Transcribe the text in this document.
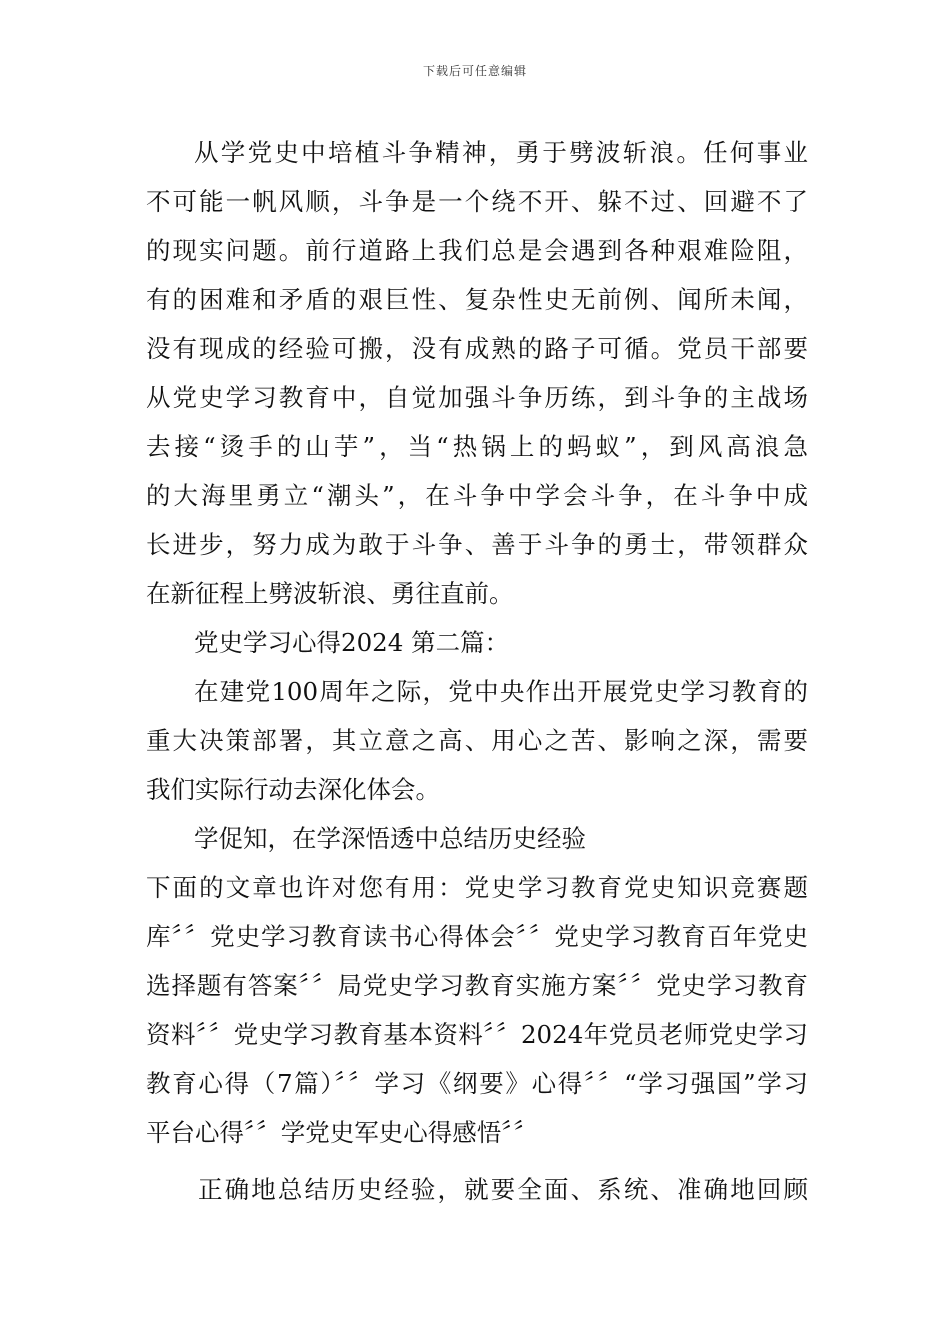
下载后可任意编辑
从学党史中培植斗争精神，勇于劈波斩浪。任何事业
不可能一帆风顺，斗争是一个绕不开、躲不过、回避不了
的现实问题。前行道路上我们总是会遇到各种艰难险阻，
有的困难和矛盾的艰巨性、复杂性史无前例、闻所未闻，
没有现成的经验可搬，没有成熟的路子可循。党员干部要
从党史学习教育中，自觉加强斗争历练，到斗争的主战场
去接“烫手的山芋”，当“热锅上的蚂蚁”，到风高浪急
的大海里勇立“潮头”，在斗争中学会斗争，在斗争中成
长进步，努力成为敢于斗争、善于斗争的勇士，带领群众
在新征程上劈波斩浪、勇往直前。
党史学习心得2024 第二篇：
在建党100周年之际，党中央作出开展党史学习教育的
重大决策部署，其立意之高、用心之苦、影响之深，需要
我们实际行动去深化体会。
学促知，在学深悟透中总结历史经验
下面的文章也许对您有用：党史学习教育党史知识竞赛题
库〞〞党史学习教育读书心得体会〞〞党史学习教育百年党史
选择题有答案〞〞局党史学习教育实施方案〞〞党史学习教育
资料〞〞党史学习教育基本资料〞〞2024年党员老师党史学习
教育心得（7篇）〞〞学习《纲要》心得〞〞“学习强国”学习
平台心得〞〞学党史军史心得感悟〞〞
正确地总结历史经验，就要全面、系统、准确地回顾
